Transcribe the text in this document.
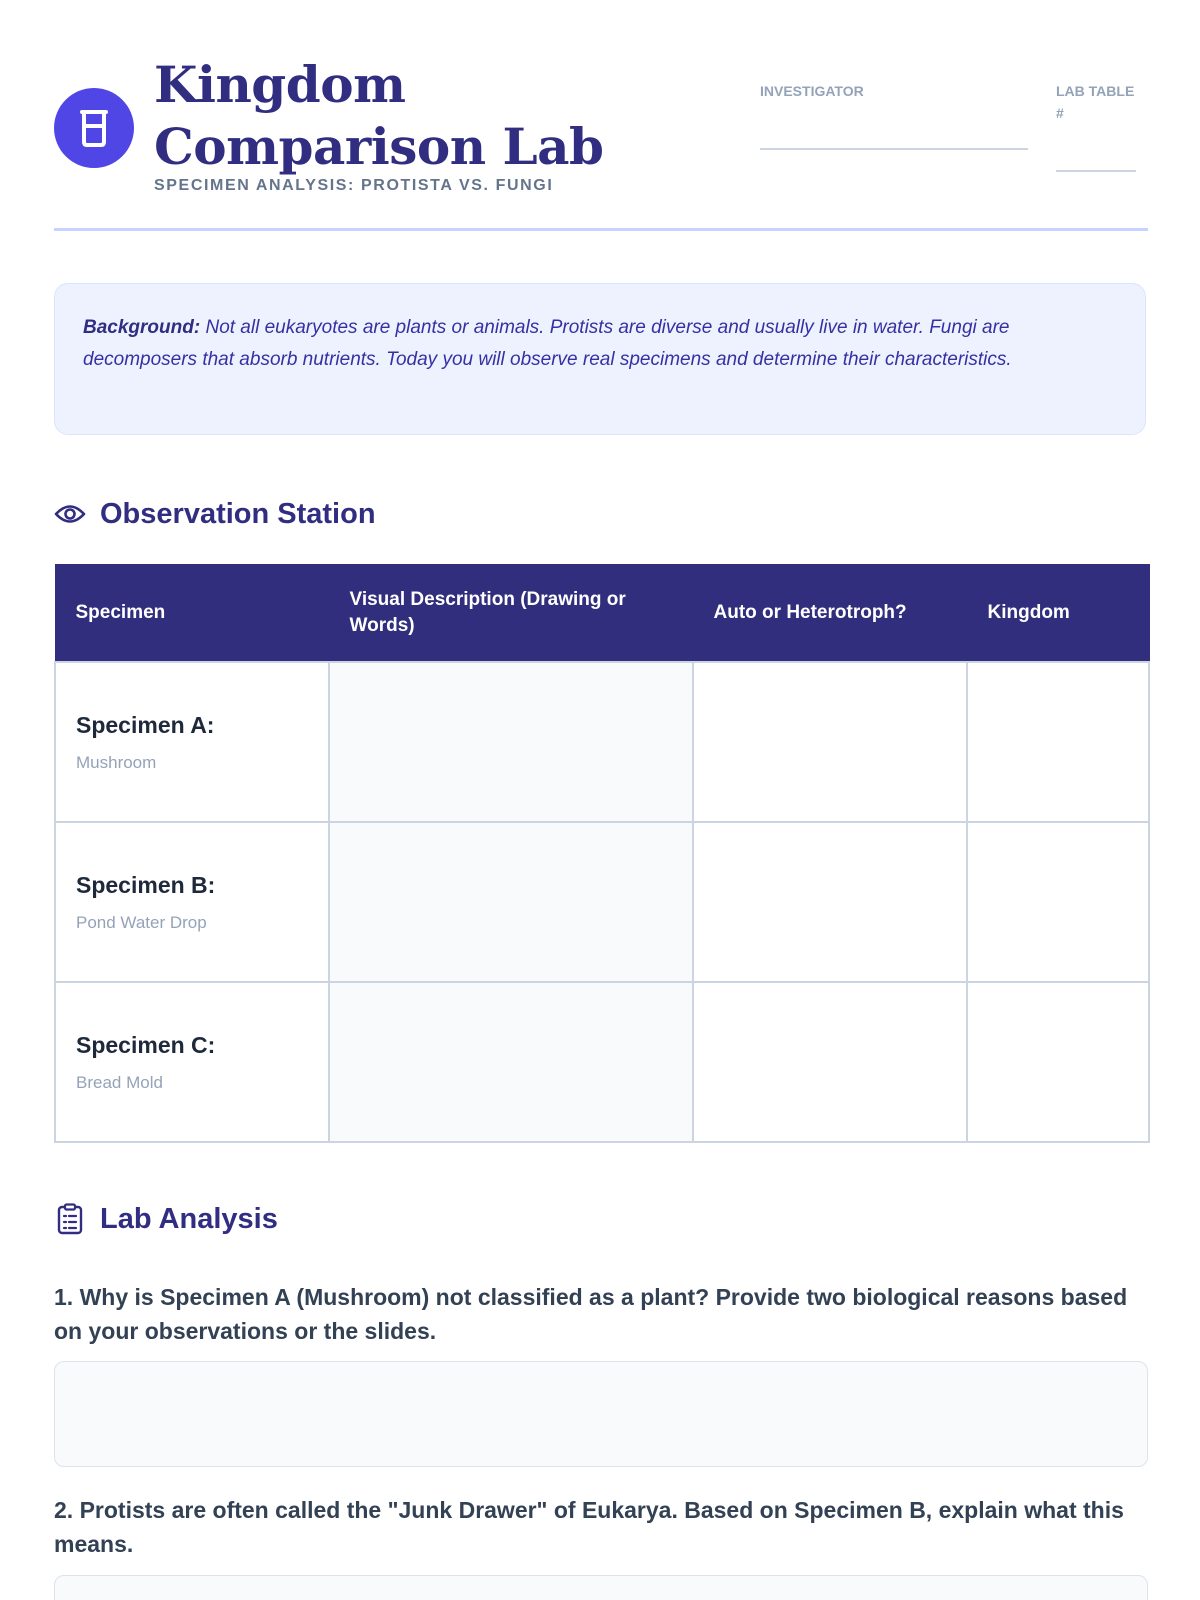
Kingdom Comparison Lab
SPECIMEN ANALYSIS: PROTISTA VS. FUNGI
INVESTIGATOR	LAB TABLE #
Background: Not all eukaryotes are plants or animals. Protists are diverse and usually live in water. Fungi are decomposers that absorb nutrients. Today you will observe real specimens and determine their characteristics.
Observation Station
Specimen	Visual Description (Drawing or Words)	Auto or Heterotroph?	Kingdom

Specimen A:
Mushroom			

Specimen B:
Pond Water Drop			

Specimen C:
Bread Mold			

Lab Analysis
1. Why is Specimen A (Mushroom) not classified as a plant? Provide two biological reasons based on your observations or the slides.
2. Protists are often called the "Junk Drawer" of Eukarya. Based on Specimen B, explain what this means.
